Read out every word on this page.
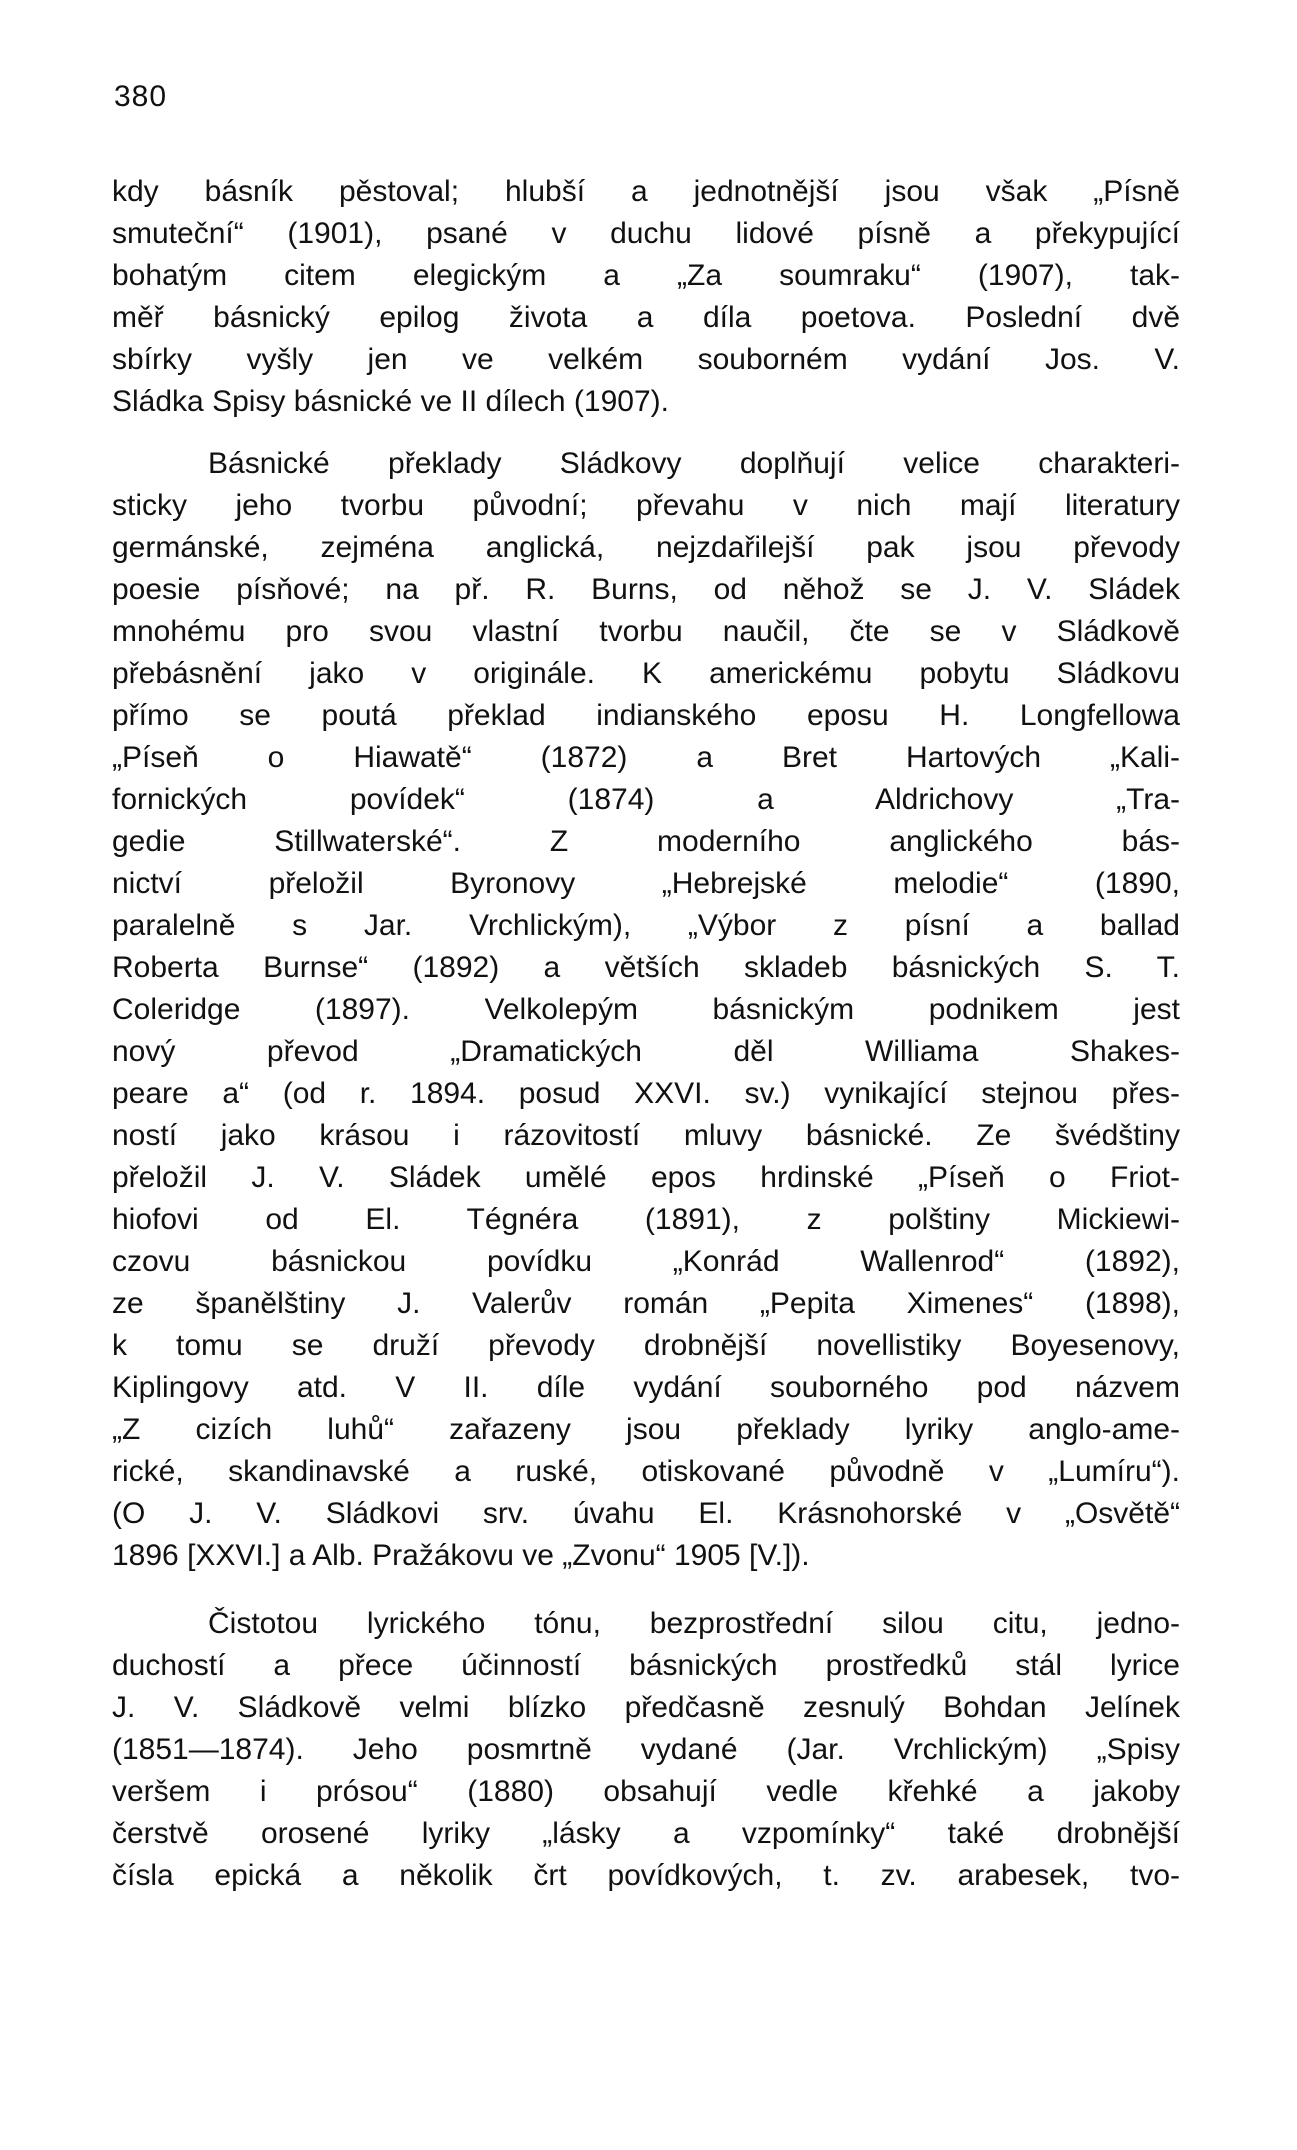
380
kdy básník pěstoval; hlubší a jednotnější jsou však „Písně
smuteční“ (1901), psané v duchu lidové písně a překypující
bohatým citem elegickým a „Za soumraku“ (1907), tak-
měř básnický epilog života a díla poetova. Poslední dvě
sbírky vyšly jen ve velkém souborném vydání Jos. V.
Sládka Spisy básnické ve II dílech (1907).
Básnické překlady Sládkovy doplňují velice charakteri-
sticky jeho tvorbu původní; převahu v nich mají literatury
germánské, zejména anglická, nejzdařilejší pak jsou převody
poesie písňové; na př. R. Burns, od něhož se J. V. Sládek
mnohému pro svou vlastní tvorbu naučil, čte se v Sládkově
přebásnění jako v originále. K americkému pobytu Sládkovu
přímo se poutá překlad indianského eposu H. Longfellowa
„Píseň o Hiawatě“ (1872) a Bret Hartových „Kali-
fornických povídek“ (1874) a Aldrichovy „Tra-
gedie Stillwaterské“. Z moderního anglického bás-
nictví přeložil Byronovy „Hebrejské melodie“ (1890,
paralelně s Jar. Vrchlickým), „Výbor z písní a ballad
Roberta Burnse“ (1892) a větších skladeb básnických S. T.
Coleridge (1897). Velkolepým básnickým podnikem jest
nový převod „Dramatických děl Williama Shakes-
peare a“ (od r. 1894. posud XXVI. sv.) vynikající stejnou přes-
ností jako krásou i rázovitostí mluvy básnické. Ze švédštiny
přeložil J. V. Sládek umělé epos hrdinské „Píseň o Friot-
hiofovi od El. Tégnéra (1891), z polštiny Mickiewi-
czovu básnickou povídku „Konrád Wallenrod“ (1892),
ze španělštiny J. Valerův román „Pepita Ximenes“ (1898),
k tomu se druží převody drobnější novellistiky Boyesenovy,
Kiplingovy atd. V II. díle vydání souborného pod názvem
„Z cizích luhů“ zařazeny jsou překlady lyriky anglo-ame-
rické, skandinavské a ruské, otiskované původně v „Lumíru“).
(O J. V. Sládkovi srv. úvahu El. Krásnohorské v „Osvětě“
1896 [XXVI.] a Alb. Pražákovu ve „Zvonu“ 1905 [V.]).
Čistotou lyrického tónu, bezprostřední silou citu, jedno-
duchostí a přece účinností básnických prostředků stál lyrice
J. V. Sládkově velmi blízko předčasně zesnulý Bohdan Jelínek
(1851—1874). Jeho posmrtně vydané (Jar. Vrchlickým) „Spisy
veršem i prósou“ (1880) obsahují vedle křehké a jakoby
čerstvě orosené lyriky „lásky a vzpomínky“ také drobnější
čísla epická a několik črt povídkových, t. zv. arabesek, tvo-
